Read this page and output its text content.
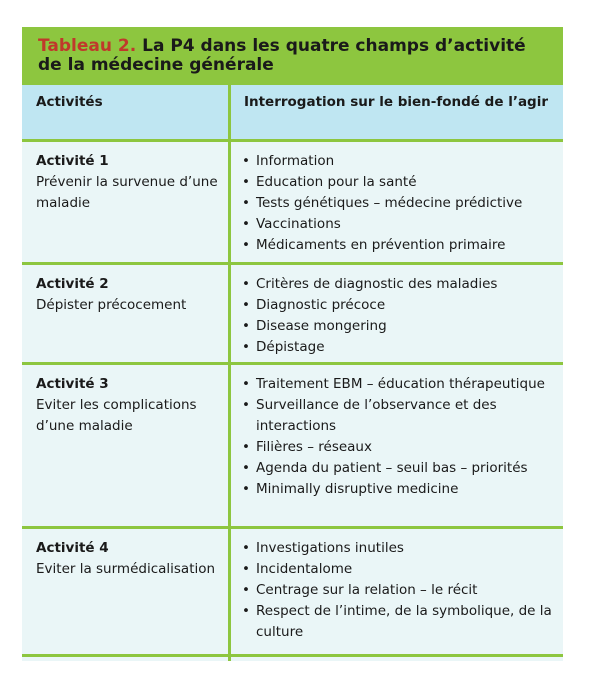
Tableau 2. La P4 dans les quatre champs d’activité de la médecine générale
Activités	Interrogation sur le bien-fondé de l’agir
Activité 1
Prévenir la survenue d’une maladie
• Information
• Education pour la santé
• Tests génétiques – médecine prédictive
• Vaccinations
• Médicaments en prévention primaire
Activité 2
Dépister précocement
• Critères de diagnostic des maladies
• Diagnostic précoce
• Disease mongering
• Dépistage
Activité 3
Eviter les complications d’une maladie
• Traitement EBM – éducation thérapeutique
• Surveillance de l’observance et des interactions
• Filières – réseaux
• Agenda du patient – seuil bas – priorités
• Minimally disruptive medicine
Activité 4
Eviter la surmédicalisation
• Investigations inutiles
• Incidentalome
• Centrage sur la relation – le récit
• Respect de l’intime, de la symbolique, de la culture
